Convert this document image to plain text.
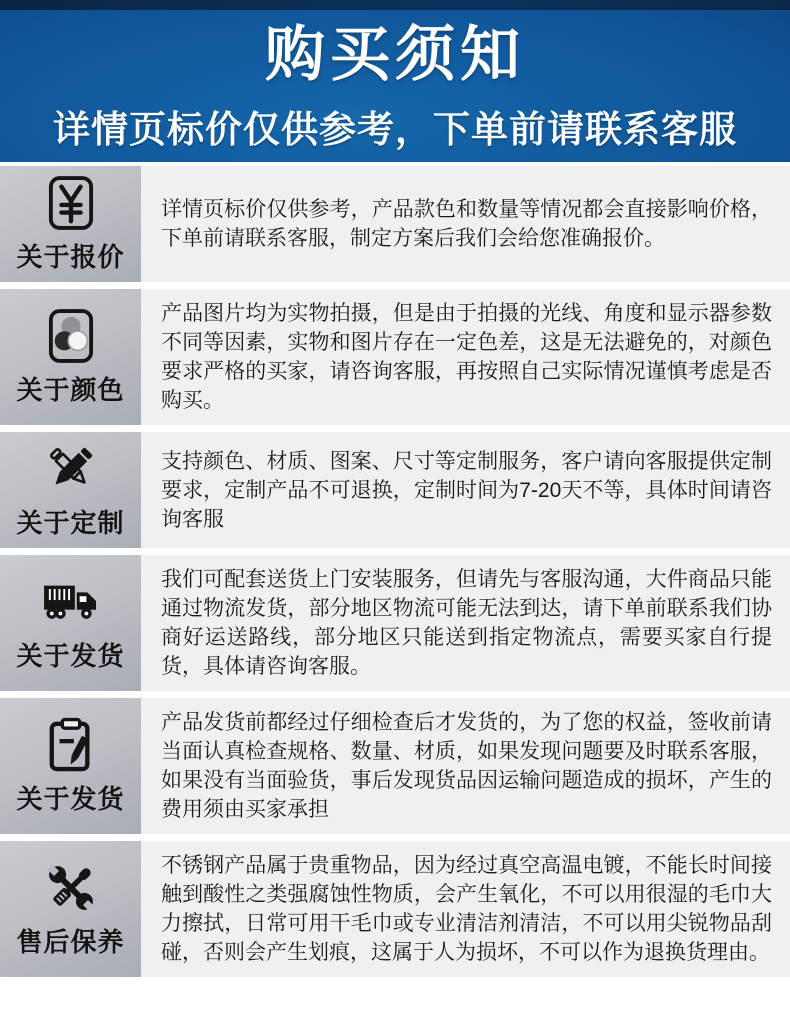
购买须知
详情页标价仅供参考，下单前请联系客服
关于报价
详情页标价仅供参考，产品款色和数量等情况都会直接影响价格，下单前请联系客服，制定方案后我们会给您准确报价。
关于颜色
产品图片均为实物拍摄，但是由于拍摄的光线、角度和显示器参数不同等因素，实物和图片存在一定色差，这是无法避免的，对颜色要求严格的买家，请咨询客服，再按照自己实际情况谨慎考虑是否购买。
关于定制
支持颜色、材质、图案、尺寸等定制服务，客户请向客服提供定制要求，定制产品不可退换，定制时间为7-20天不等，具体时间请咨询客服
关于发货
我们可配套送货上门安装服务，但请先与客服沟通，大件商品只能通过物流发货，部分地区物流可能无法到达，请下单前联系我们协商好运送路线，部分地区只能送到指定物流点，需要买家自行提货，具体请咨询客服。
关于发货
产品发货前都经过仔细检查后才发货的，为了您的权益，签收前请当面认真检查规格、数量、材质，如果发现问题要及时联系客服，如果没有当面验货，事后发现货品因运输问题造成的损坏，产生的费用须由买家承担
售后保养
不锈钢产品属于贵重物品，因为经过真空高温电镀，不能长时间接触到酸性之类强腐蚀性物质，会产生氧化，不可以用很湿的毛巾大力擦拭，日常可用干毛巾或专业清洁剂清洁，不可以用尖锐物品刮碰，否则会产生划痕，这属于人为损坏，不可以作为退换货理由。
